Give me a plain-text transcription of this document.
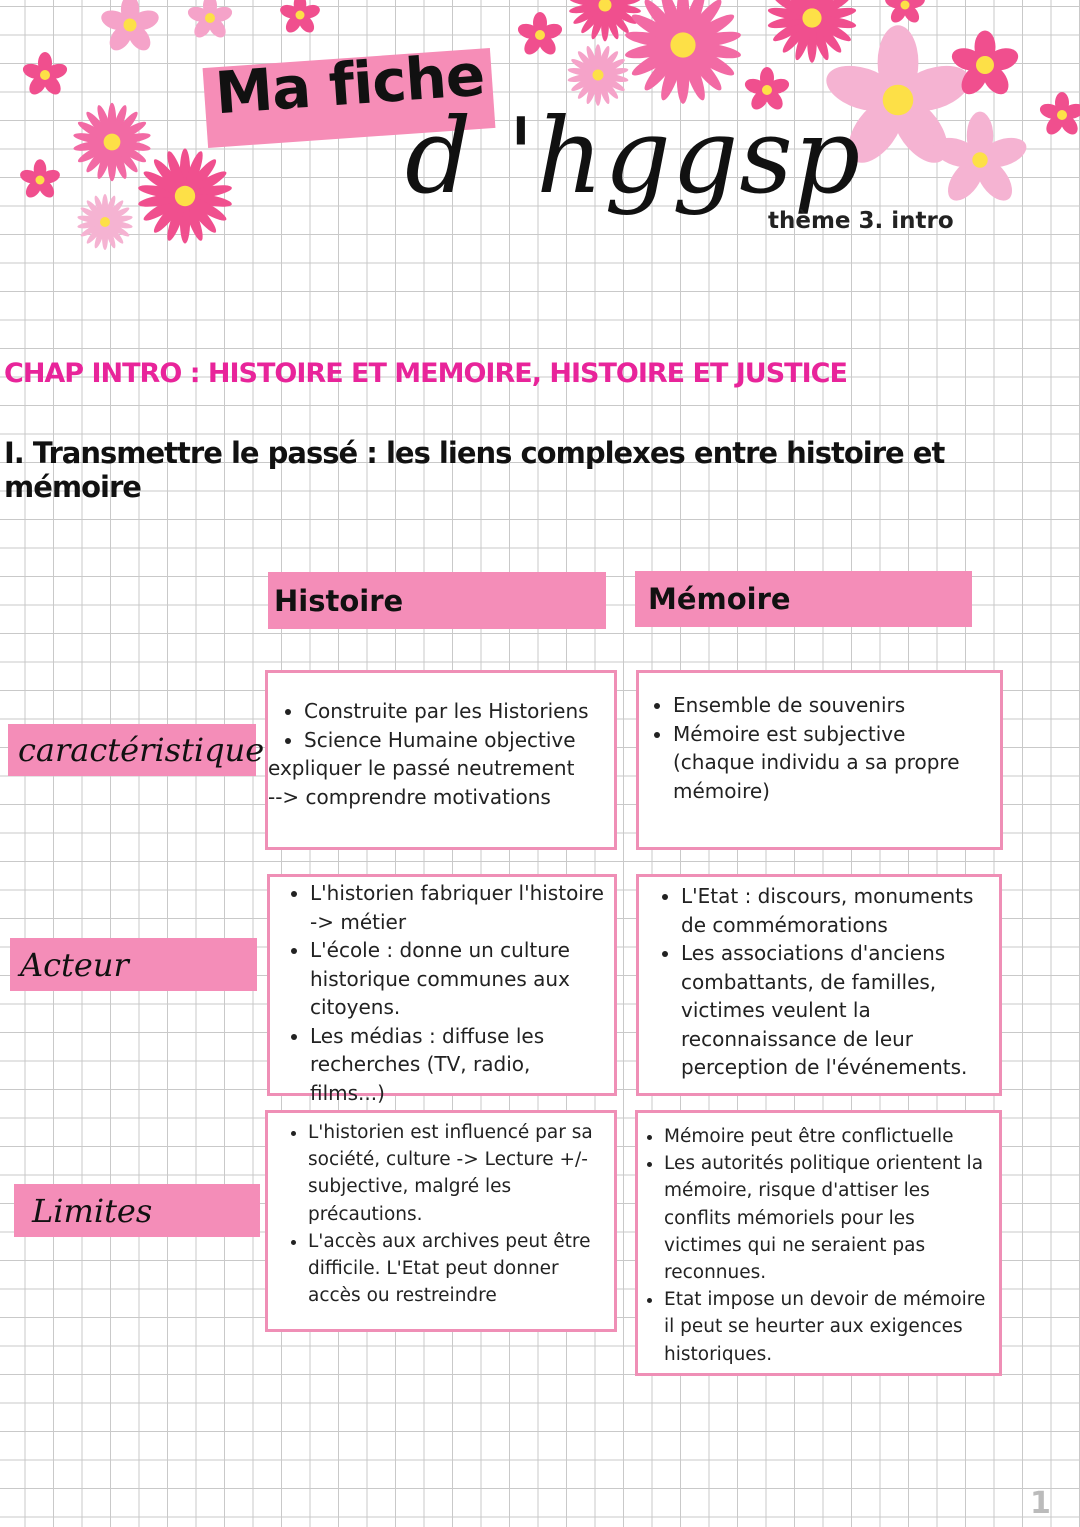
Ma fiche
d 'hggsp
thème 3. intro
CHAP INTRO : HISTOIRE ET MEMOIRE, HISTOIRE ET JUSTICE
I. Transmettre le passé : les liens complexes entre histoire et mémoire
Histoire	Mémoire
caractéristique
Acteur
Limites
• Construite par les Historiens
• Science Humaine objective

expliquer le passé neutrement

--> comprendre motivations

• Ensemble de souvenirs
• Mémoire est subjective (chaque individu a sa propre mémoire)
• L'historien fabriquer l'histoire -> métier
• L'école : donne un culture historique communes aux citoyens.
• Les médias : diffuse les recherches (TV, radio, films...)
• L'Etat : discours, monuments de commémorations
• Les associations d'anciens combattants, de familles, victimes veulent la reconnaissance de leur perception de l'événements.
• L'historien est influencé par sa société, culture -> Lecture +/- subjective, malgré les précautions.
• L'accès aux archives peut être difficile. L'Etat peut donner accès ou restreindre
• Mémoire peut être conflictuelle
• Les autorités politique orientent la mémoire, risque d'attiser les conflits mémoriels pour les victimes qui ne seraient pas reconnues.
• Etat impose un devoir de mémoire il peut se heurter aux exigences historiques.
1
